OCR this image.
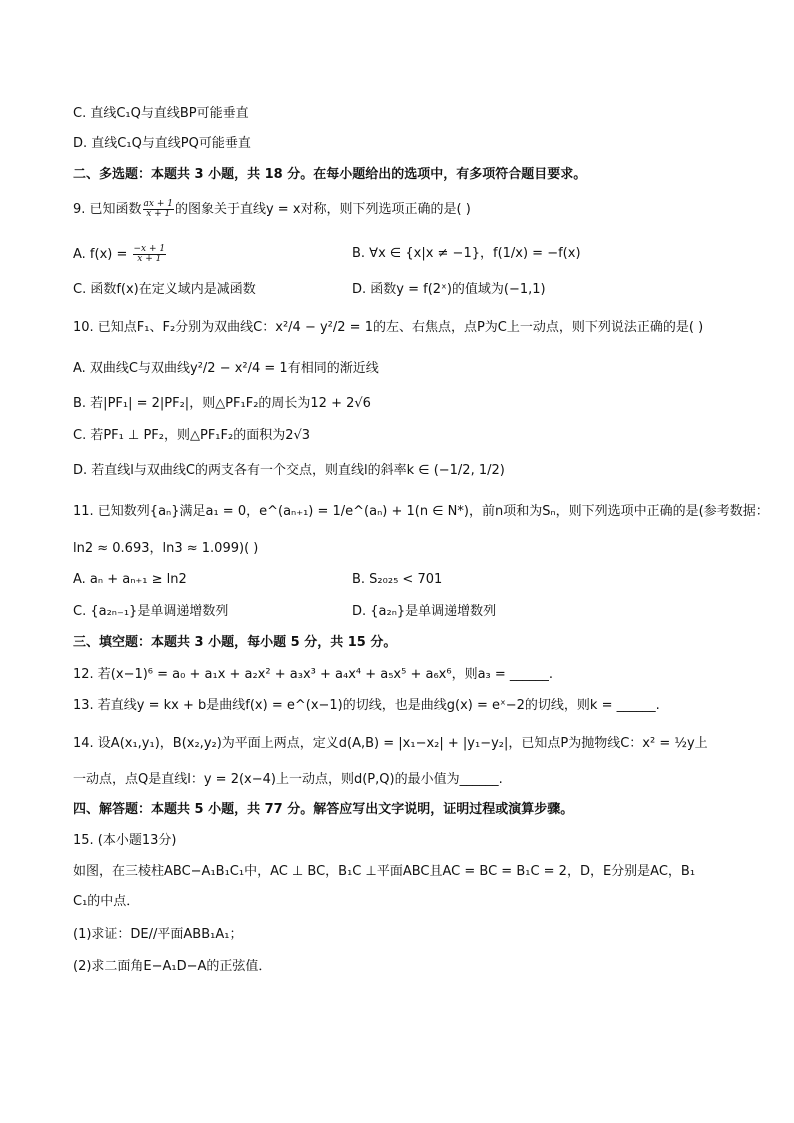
C. 直线C₁Q与直线BP可能垂直
D. 直线C₁Q与直线PQ可能垂直
二、多选题：本题共 3 小题，共 18 分。在每小题给出的选项中，有多项符合题目要求。
9. 已知函数 $\frac{ax + 1}{x + 1}$ 的图象关于直线y = x对称，则下列选项正确的是( )
A. $f(x) = \frac{-x + 1}{x + 1}$	B. ∀x ∈ {x|x ≠ −1}，f(1/x) = −f(x)
C. 函数f(x)在定义域内是减函数	D. 函数y = f(2ˣ)的值域为(−1,1)
10. 已知点F₁、F₂分别为双曲线C：x²/4 − y²/2 = 1的左、右焦点，点P为C上一动点，则下列说法正确的是( )
A. 双曲线C与双曲线y²/2 − x²/4 = 1有相同的渐近线
B. 若|PF₁| = 2|PF₂|，则△PF₁F₂的周长为12 + 2√6
C. 若PF₁ ⊥ PF₂，则△PF₁F₂的面积为2√3
D. 若直线l与双曲线C的两支各有一个交点，则直线l的斜率k ∈ (−1/2, 1/2)
11. 已知数列{aₙ}满足a₁ = 0，e^(aₙ₊₁) = 1/e^(aₙ) + 1(n ∈ N*)，前n项和为Sₙ，则下列选项中正确的是(参考数据：
ln2 ≈ 0.693，ln3 ≈ 1.099)( )
A. aₙ + aₙ₊₁ ≥ ln2	B. S₂₀₂₅ < 701
C. {a₂ₙ₋₁}是单调递增数列	D. {a₂ₙ}是单调递增数列
三、填空题：本题共 3 小题，每小题 5 分，共 15 分。
12. 若(x−1)⁶ = a₀ + a₁x + a₂x² + a₃x³ + a₄x⁴ + a₅x⁵ + a₆x⁶，则a₃ = ______.
13. 若直线y = kx + b是曲线f(x) = e^(x−1)的切线，也是曲线g(x) = eˣ−2的切线，则k = ______.
14. 设A(x₁,y₁)，B(x₂,y₂)为平面上两点，定义d(A,B) = |x₁−x₂| + |y₁−y₂|，已知点P为抛物线C：x² = ½y上
一动点，点Q是直线l：y = 2(x−4)上一动点，则d(P,Q)的最小值为______.
四、解答题：本题共 5 小题，共 77 分。解答应写出文字说明，证明过程或演算步骤。
15. (本小题13分)
如图，在三棱柱ABC−A₁B₁C₁中，AC ⊥ BC，B₁C ⊥平面ABC且AC = BC = B₁C = 2，D，E分别是AC，B₁
C₁的中点．
(1)求证：DE//平面ABB₁A₁；
(2)求二面角E−A₁D−A的正弦值．
